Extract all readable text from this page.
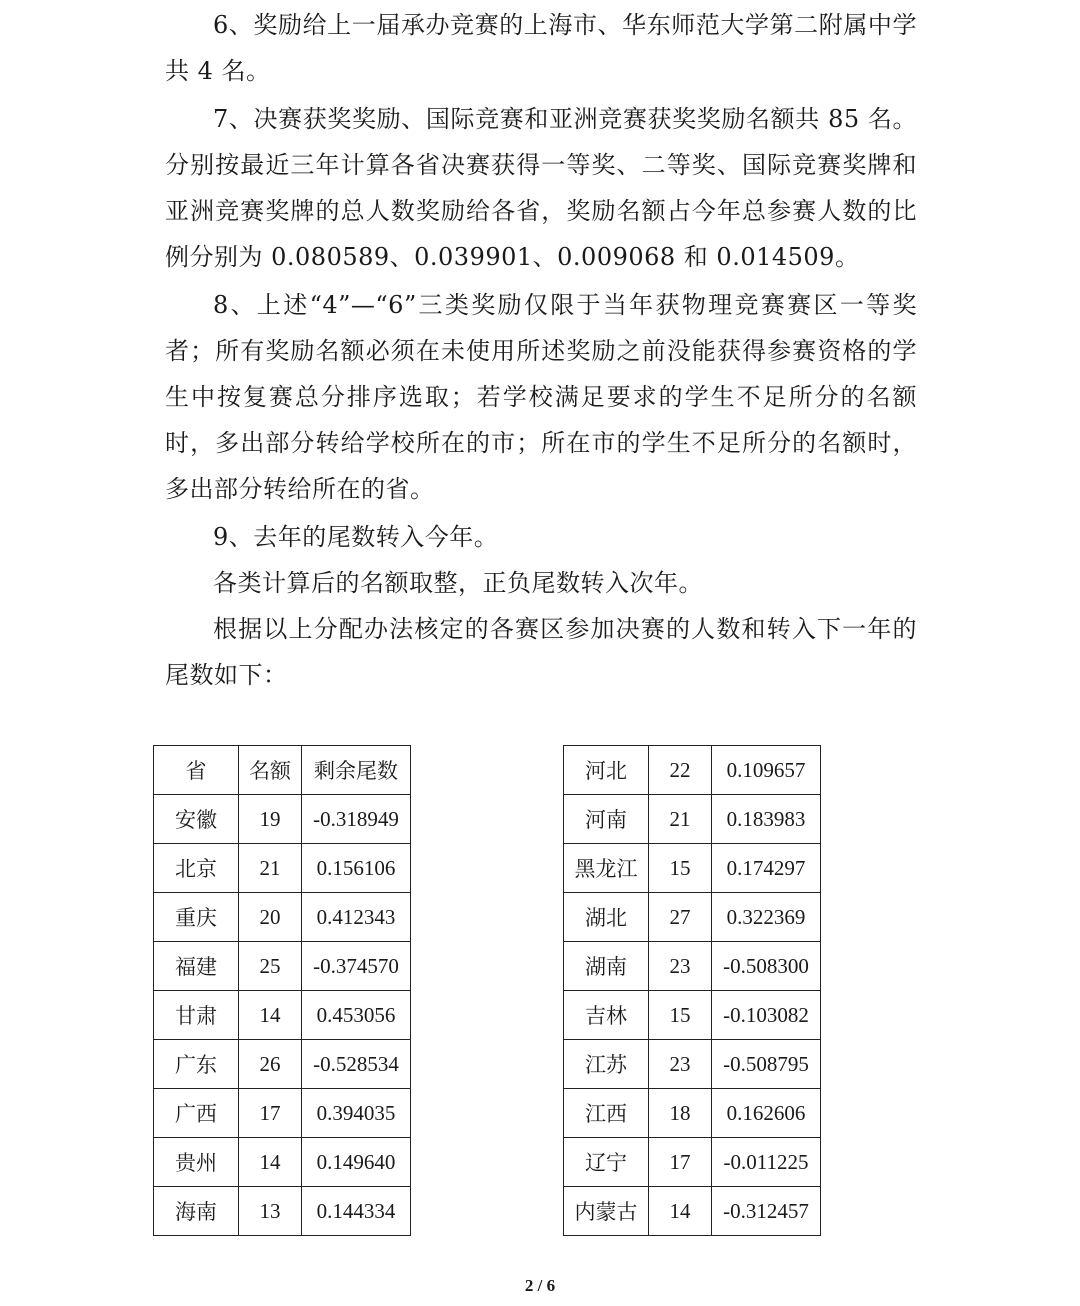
6、奖励给上一届承办竞赛的上海市、华东师范大学第二附属中学共 4 名。

7、决赛获奖奖励、国际竞赛和亚洲竞赛获奖奖励名额共 85 名。分别按最近三年计算各省决赛获得一等奖、二等奖、国际竞赛奖牌和亚洲竞赛奖牌的总人数奖励给各省，奖励名额占今年总参赛人数的比例分别为 0.080589、0.039901、0.009068 和 0.014509。

8、上述“4”—“6”三类奖励仅限于当年获物理竞赛赛区一等奖者；所有奖励名额必须在未使用所述奖励之前没能获得参赛资格的学生中按复赛总分排序选取；若学校满足要求的学生不足所分的名额时，多出部分转给学校所在的市；所在市的学生不足所分的名额时，多出部分转给所在的省。

9、去年的尾数转入今年。

各类计算后的名额取整，正负尾数转入次年。

根据以上分配办法核定的各赛区参加决赛的人数和转入下一年的尾数如下：

省	名额	剩余尾数
安徽	19	-0.318949
北京	21	0.156106
重庆	20	0.412343
福建	25	-0.374570
甘肃	14	0.453056
广东	26	-0.528534
广西	17	0.394035
贵州	14	0.149640
海南	13	0.144334
河北	22	0.109657
河南	21	0.183983
黑龙江	15	0.174297
湖北	27	0.322369
湖南	23	-0.508300
吉林	15	-0.103082
江苏	23	-0.508795
江西	18	0.162606
辽宁	17	-0.011225
内蒙古	14	-0.312457
2 / 6
